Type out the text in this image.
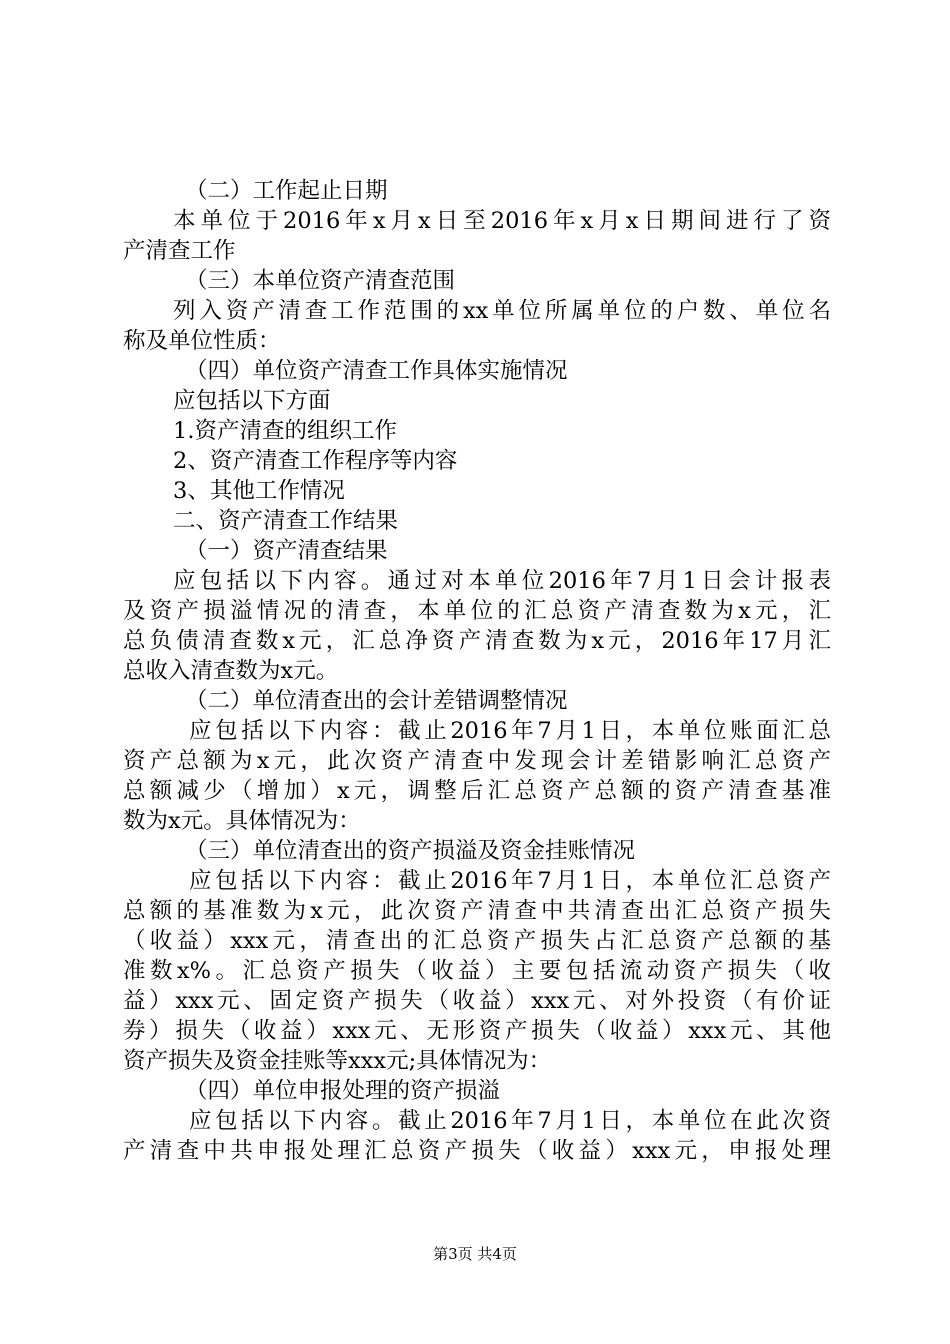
（二）工作起止日期
本单位于2016年x月x日至2016年x月x日期间进行了资
产清查工作
（三）本单位资产清查范围
列入资产清查工作范围的xx单位所属单位的户数、单位名
称及单位性质：
（四）单位资产清查工作具体实施情况
应包括以下方面
1.资产清查的组织工作
2、资产清查工作程序等内容
3、其他工作情况
二、资产清查工作结果
（一）资产清查结果
应包括以下内容。通过对本单位2016年7月1日会计报表
及资产损溢情况的清查，本单位的汇总资产清查数为x元，汇
总负债清查数x元，汇总净资产清查数为x元，2016年17月汇
总收入清查数为x元。
（二）单位清查出的会计差错调整情况
应包括以下内容：截止2016年7月1日，本单位账面汇总
资产总额为x元，此次资产清查中发现会计差错影响汇总资产
总额减少（增加）x元，调整后汇总资产总额的资产清查基准
数为x元。具体情况为：
（三）单位清查出的资产损溢及资金挂账情况
应包括以下内容：截止2016年7月1日，本单位汇总资产
总额的基准数为x元，此次资产清查中共清查出汇总资产损失
（收益）xxx元，清查出的汇总资产损失占汇总资产总额的基
准数x%。汇总资产损失（收益）主要包括流动资产损失（收
益）xxx元、固定资产损失（收益）xxx元、对外投资（有价证
券）损失（收益）xxx元、无形资产损失（收益）xxx元、其他
资产损失及资金挂账等xxx元;具体情况为：
（四）单位申报处理的资产损溢
应包括以下内容。截止2016年7月1日，本单位在此次资
产清查中共申报处理汇总资产损失（收益）xxx元，申报处理
第3页 共4页
